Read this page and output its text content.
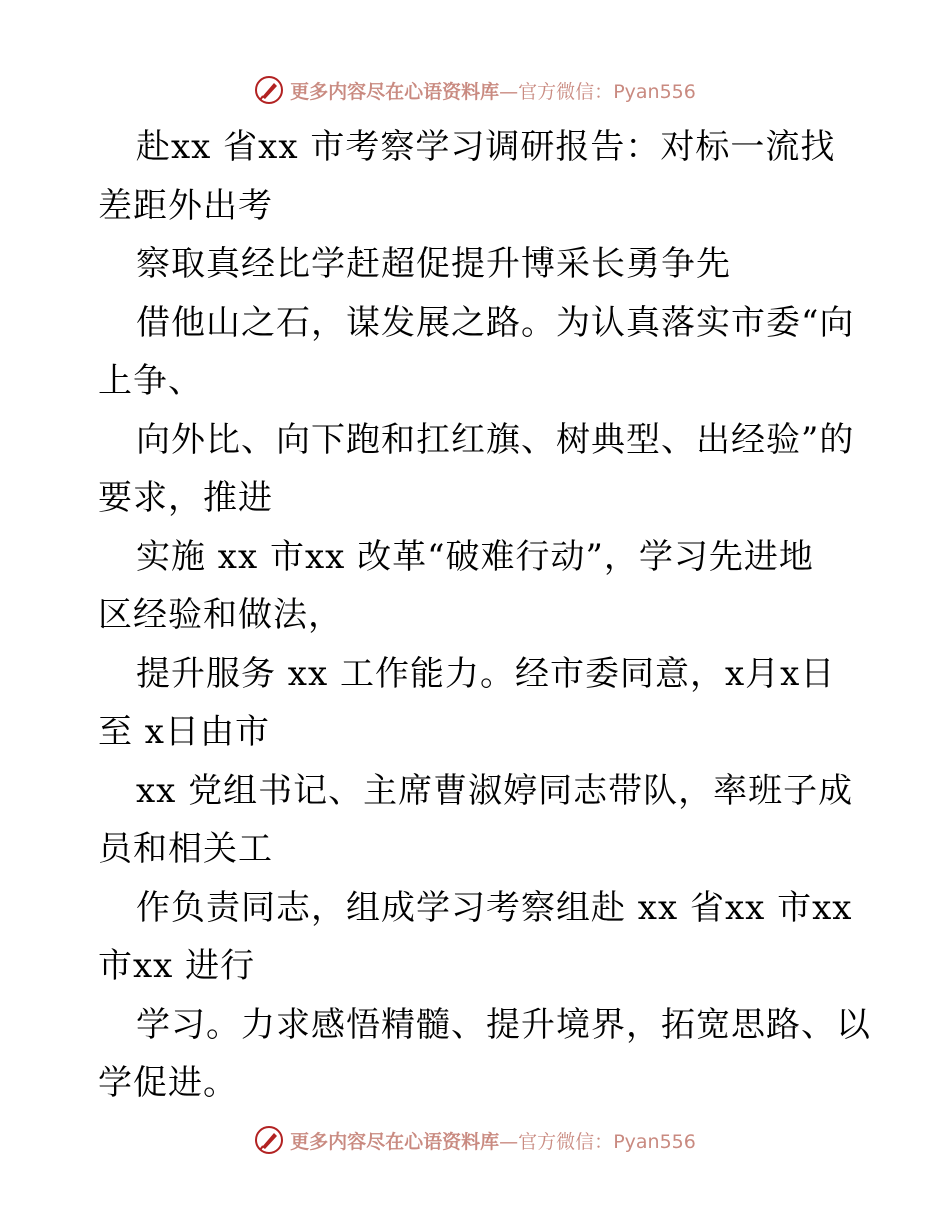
更多内容尽在心语资料库—官方微信：Pyan556
赴xx 省xx 市考察学习调研报告：对标一流找
差距外出考
察取真经比学赶超促提升博采长勇争先
借他山之石，谋发展之路。为认真落实市委“向
上争、
向外比、向下跑和扛红旗、树典型、出经验”的
要求，推进
实施 xx 市xx 改革“破难行动”，学习先进地
区经验和做法，
提升服务 xx 工作能力。经市委同意，x月x日
至 x日由市
xx 党组书记、主席曹淑婷同志带队，率班子成
员和相关工
作负责同志，组成学习考察组赴 xx 省xx 市xx
市xx 进行
学习。力求感悟精髓、提升境界，拓宽思路、以
学促进。
更多内容尽在心语资料库—官方微信：Pyan556
